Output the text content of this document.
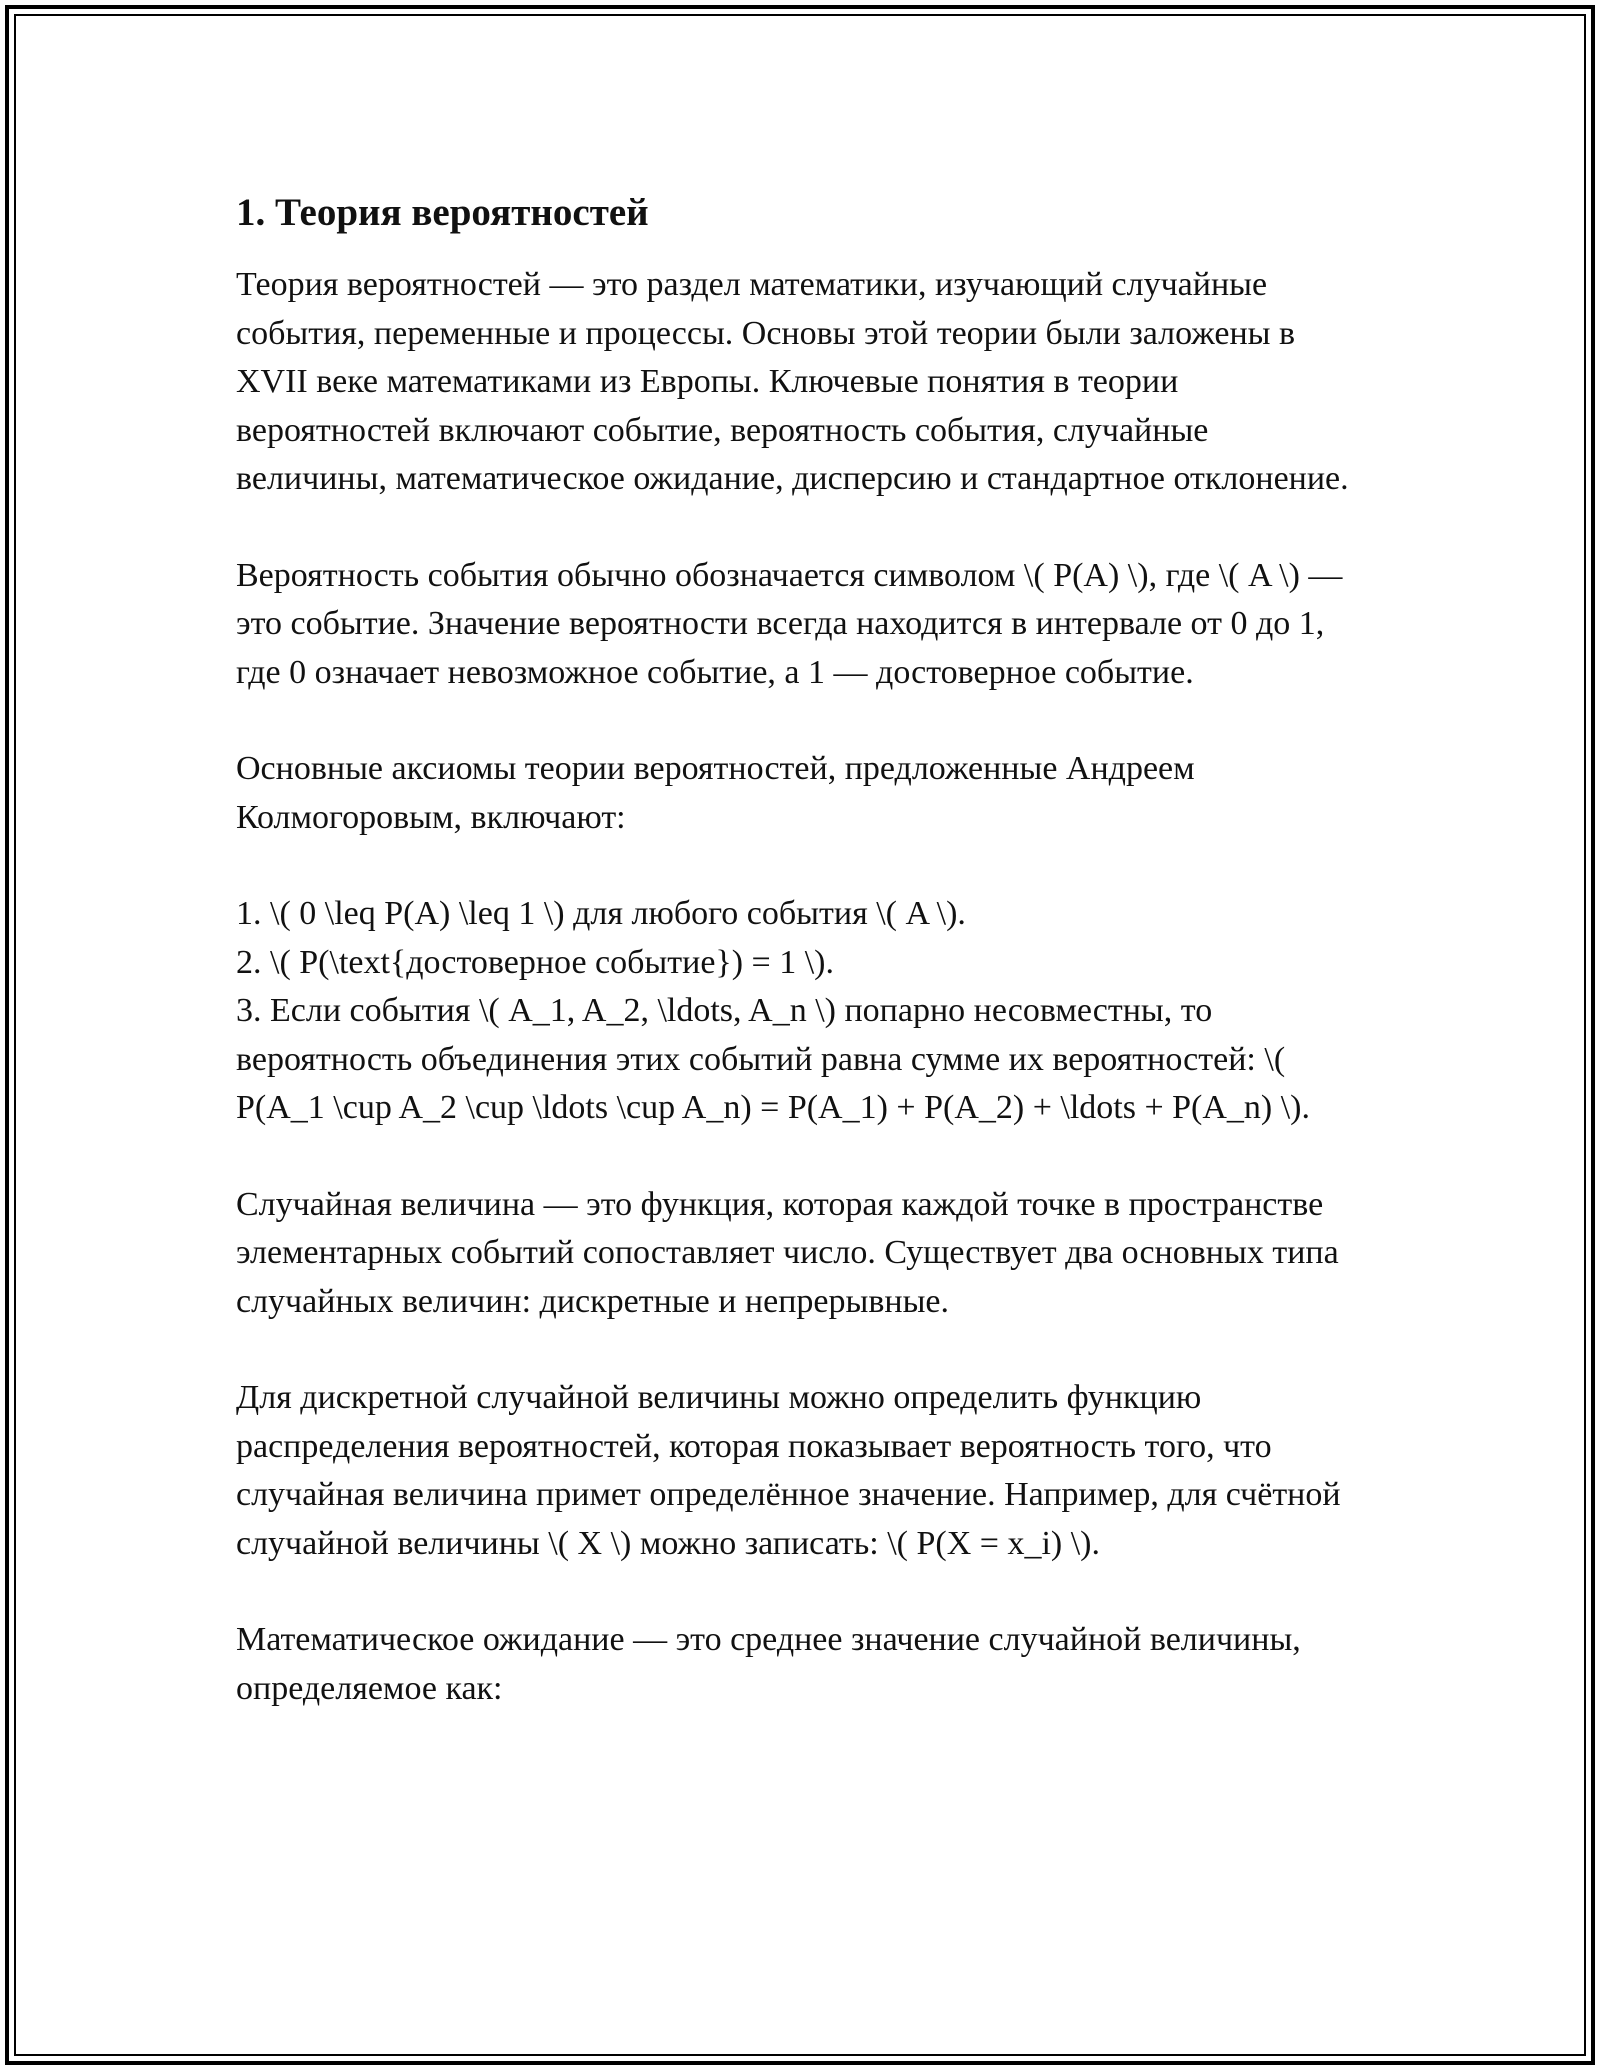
1. Теория вероятностей

Теория вероятностей — это раздел математики, изучающий случайные события, переменные и процессы. Основы этой теории были заложены в XVII веке математиками из Европы. Ключевые понятия в теории вероятностей включают событие, вероятность события, случайные величины, математическое ожидание, дисперсию и стандартное отклонение.

Вероятность события обычно обозначается символом \( P(A) \), где \( A \) — это событие. Значение вероятности всегда находится в интервале от 0 до 1, где 0 означает невозможное событие, а 1 — достоверное событие.

Основные аксиомы теории вероятностей, предложенные Андреем Колмогоровым, включают:

1. \( 0 \leq P(A) \leq 1 \) для любого события \( A \).
2. \( P(\text{достоверное событие}) = 1 \).
3. Если события \( A_1, A_2, \ldots, A_n \) попарно несовместны, то вероятность объединения этих событий равна сумме их вероятностей: \( P(A_1 \cup A_2 \cup \ldots \cup A_n) = P(A_1) + P(A_2) + \ldots + P(A_n) \).

Случайная величина — это функция, которая каждой точке в пространстве элементарных событий сопоставляет число. Существует два основных типа случайных величин: дискретные и непрерывные.

Для дискретной случайной величины можно определить функцию распределения вероятностей, которая показывает вероятность того, что случайная величина примет определённое значение. Например, для счётной случайной величины \( X \) можно записать: \( P(X = x_i) \).

Математическое ожидание — это среднее значение случайной величины, определяемое как:
